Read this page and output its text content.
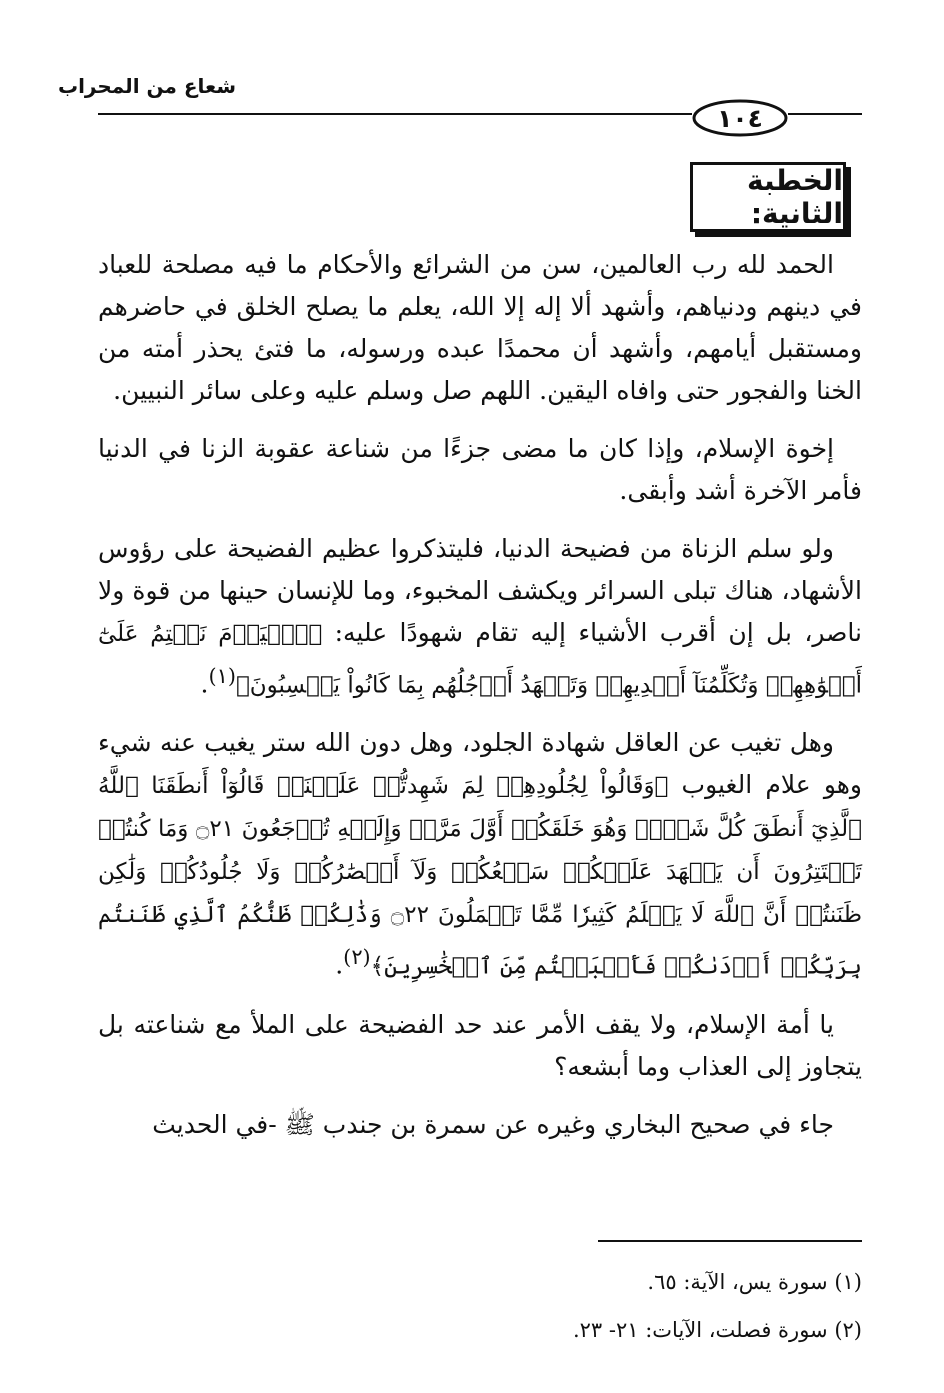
شعاع من المحراب
١٠٤
الخطبة الثانية:

الحمد لله رب العالمين، سن من الشرائع والأحكام ما فيه مصلحة للعباد في دينهم ودنياهم، وأشهد ألا إله إلا الله، يعلم ما يصلح الخلق في حاضرهم ومستقبل أيامهم، وأشهد أن محمدًا عبده ورسوله، ما فتئ يحذر أمته من الخنا والفجور حتى وافاه اليقين. اللهم صل وسلم عليه وعلى سائر النبيين.

إخوة الإسلام، وإذا كان ما مضى جزءًا من شناعة عقوبة الزنا في الدنيا فأمر الآخرة أشد وأبقى.

ولو سلم الزناة من فضيحة الدنيا، فليتذكروا عظيم الفضيحة على رؤوس الأشهاد، هناك تبلى السرائر ويكشف المخبوء، وما للإنسان حينها من قوة ولا ناصر، بل إن أقرب الأشياء إليه تقام شهودًا عليه: ﴿ٱلۡيَوۡمَ نَخۡتِمُ عَلَىٰٓ أَفۡوَٰهِهِمۡ وَتُكَلِّمُنَآ أَيۡدِيهِمۡ وَتَشۡهَدُ أَرۡجُلُهُم بِمَا كَانُواْ يَكۡسِبُونَ﴾$^{(١)}$.

وهل تغيب عن العاقل شهادة الجلود، وهل دون الله ستر يغيب عنه شيء وهو علام الغيوب ﴿وَقَالُواْ لِجُلُودِهِمۡ لِمَ شَهِدتُّمۡ عَلَيۡنَاۖ قَالُوٓاْ أَنطَقَنَا ٱللَّهُ ٱلَّذِيٓ أَنطَقَ كُلَّ شَيۡءٖ وَهُوَ خَلَقَكُمۡ أَوَّلَ مَرَّةٖ وَإِلَيۡهِ تُرۡجَعُونَ ۝٢١ وَمَا كُنتُمۡ تَسۡتَتِرُونَ أَن يَشۡهَدَ عَلَيۡكُمۡ سَمۡعُكُمۡ وَلَآ أَبۡصَٰرُكُمۡ وَلَا جُلُودُكُمۡ وَلَٰكِن ظَنَنتُمۡ أَنَّ ٱللَّهَ لَا يَعۡلَمُ كَثِيرٗا مِّمَّا تَعۡمَلُونَ ۝٢٢ وَذَٰلِكُمۡ ظَنُّكُمُ ٱلَّذِي ظَنَنتُم بِرَبِّكُمۡ أَرۡدَىٰكُمۡ فَأَصۡبَحۡتُم مِّنَ ٱلۡخَٰسِرِينَ﴾$^{(٢)}$.

يا أمة الإسلام، ولا يقف الأمر عند حد الفضيحة على الملأ مع شناعته بل يتجاوز إلى العذاب وما أبشعه؟

جاء في صحيح البخاري وغيره عن سمرة بن جندب ﷺ -في الحديث

(١) سورة يس، الآية: ٦٥.
(٢) سورة فصلت، الآيات: ٢١- ٢٣.
